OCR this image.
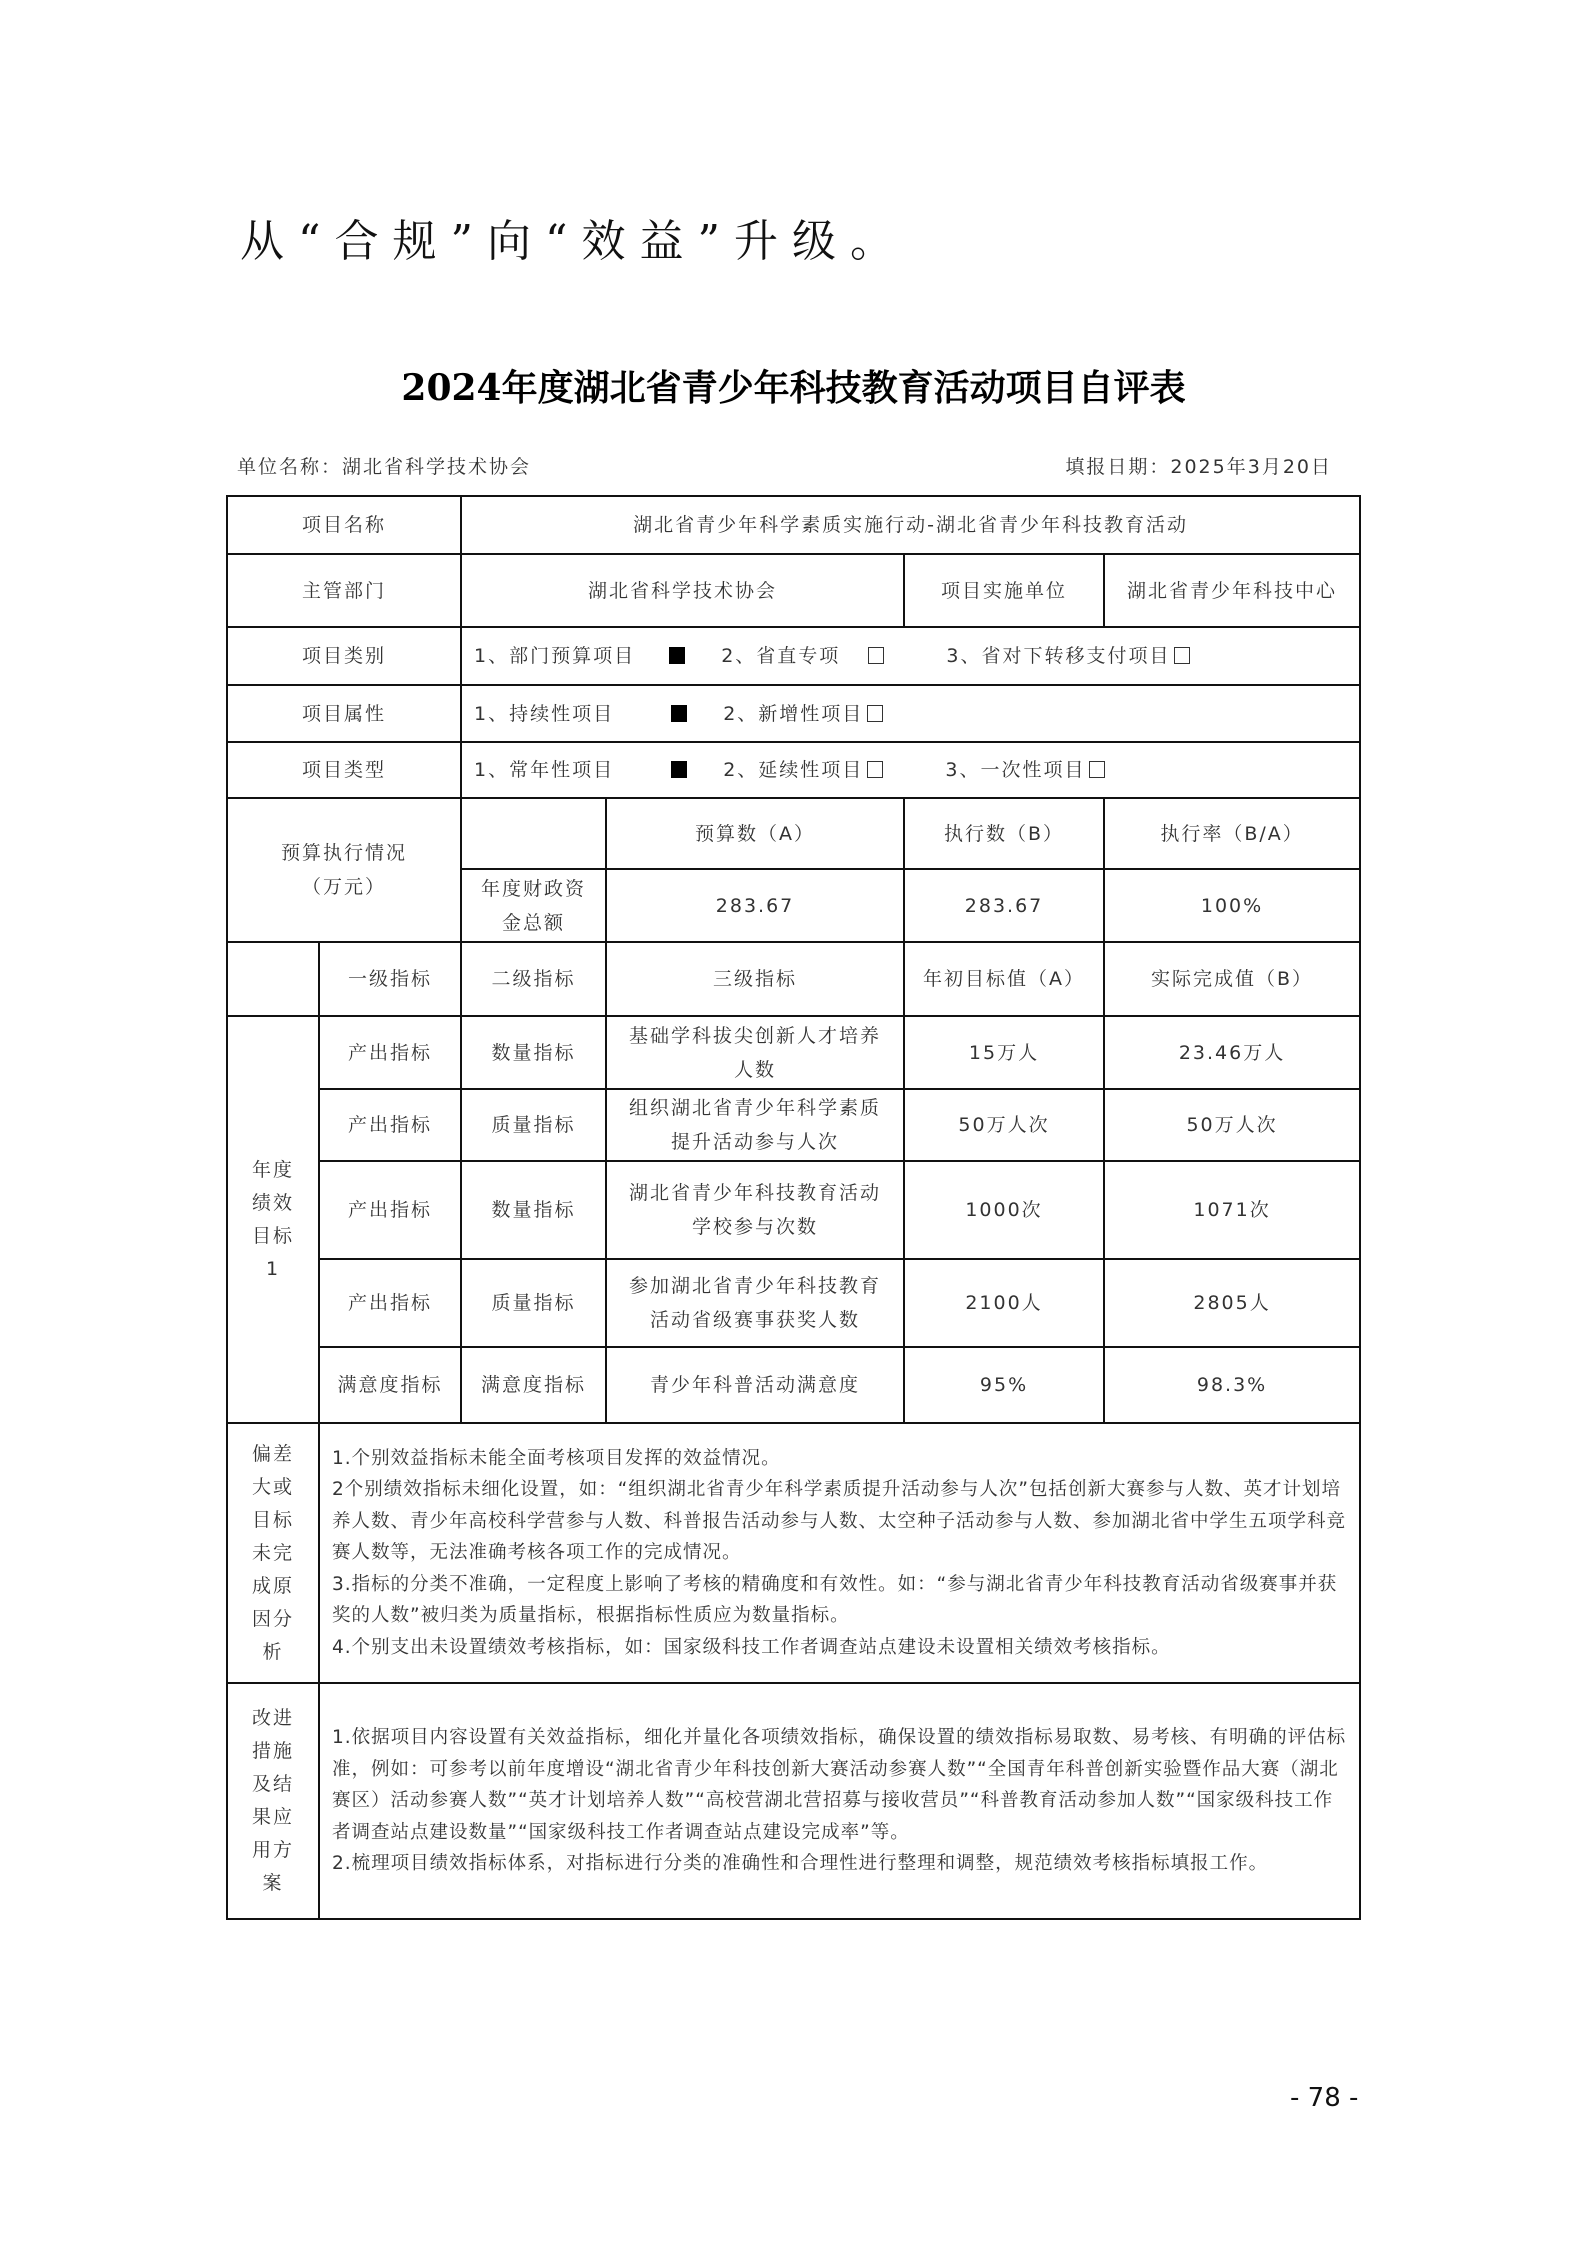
从“合规”向“效益”升级。
2024年度湖北省青少年科技教育活动项目自评表
单位名称：湖北省科学技术协会	填报日期：2025年3月20日
项目名称		湖北省青少年科学素质实施行动-湖北省青少年科技教育活动			
主管部门		湖北省科学技术协会		项目实施单位	湖北省青少年科技中心
项目类别		1、部门预算项目 2、省直专项 3、省对下转移支付项目			
项目属性		1、持续性项目 2、新增性项目			
项目类型		1、常年性项目 2、延续性项目 3、一次性项目			

预算执行情况
（万元）			预算数（A）	执行数（B）	执行率（B/A）
		年度财政资金总额	283.67	283.67	100%
	一级指标	二级指标	三级指标	年初目标值（A）	实际完成值（B）
年度绩效目标1	产出指标	数量指标	基础学科拔尖创新人才培养人数	15万人	23.46万人
	产出指标	质量指标	组织湖北省青少年科学素质提升活动参与人次	50万人次	50万人次
	产出指标	数量指标	湖北省青少年科技教育活动学校参与次数	1000次	1071次
	产出指标	质量指标	参加湖北省青少年科技教育活动省级赛事获奖人数	2100人	2805人
	满意度指标	满意度指标	青少年科普活动满意度	95%	98.3%
偏差大或目标未完成原因分析	1.个别效益指标未能全面考核项目发挥的效益情况。
2个别绩效指标未细化设置，如：“组织湖北省青少年科学素质提升活动参与人次”包括创新大赛参与人数、英才计划培养人数、青少年高校科学营参与人数、科普报告活动参与人数、太空种子活动参与人数、参加湖北省中学生五项学科竞赛人数等，无法准确考核各项工作的完成情况。
3.指标的分类不准确，一定程度上影响了考核的精确度和有效性。如：“参与湖北省青少年科技教育活动省级赛事并获奖的人数”被归类为质量指标，根据指标性质应为数量指标。
4.个别支出未设置绩效考核指标，如：国家级科技工作者调查站点建设未设置相关绩效考核指标。				

改进措施及结果应用方案	1.依据项目内容设置有关效益指标，细化并量化各项绩效指标，确保设置的绩效指标易取数、易考核、有明确的评估标准，例如：可参考以前年度增设“湖北省青少年科技创新大赛活动参赛人数”“全国青年科普创新实验暨作品大赛（湖北赛区）活动参赛人数”“英才计划培养人数”“高校营湖北营招募与接收营员”“科普教育活动参加人数”“国家级科技工作者调查站点建设数量”“国家级科技工作者调查站点建设完成率”等。
2.梳理项目绩效指标体系，对指标进行分类的准确性和合理性进行整理和调整，规范绩效考核指标填报工作。				
- 78 -
